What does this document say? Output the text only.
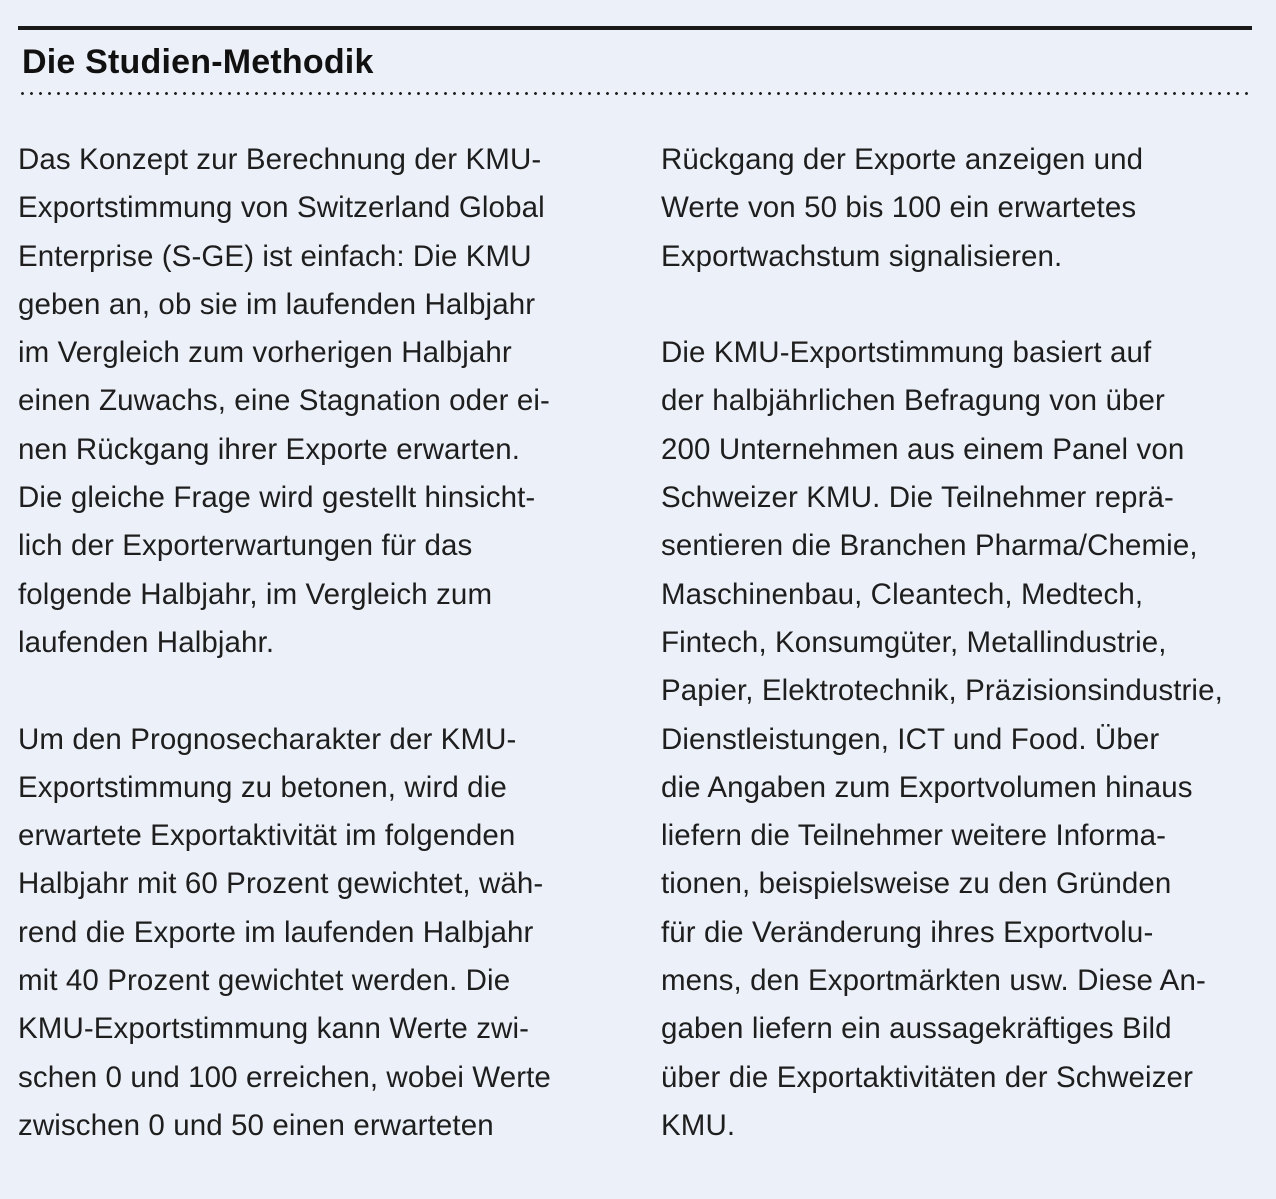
Die Studien-Methodik

Das Konzept zur Berechnung der KMU-
Exportstimmung von Switzerland Global
Enterprise (S-GE) ist einfach: Die KMU
geben an, ob sie im laufenden Halbjahr
im Vergleich zum vorherigen Halbjahr
einen Zuwachs, eine Stagnation oder ei-
nen Rückgang ihrer Exporte erwarten.
Die gleiche Frage wird gestellt hinsicht-
lich der Exporterwartungen für das
folgende Halbjahr, im Vergleich zum
laufenden Halbjahr.

Um den Prognosecharakter der KMU-
Exportstimmung zu betonen, wird die
erwartete Exportaktivität im folgenden
Halbjahr mit 60 Prozent gewichtet, wäh-
rend die Exporte im laufenden Halbjahr
mit 40 Prozent gewichtet werden. Die
KMU-Exportstimmung kann Werte zwi-
schen 0 und 100 erreichen, wobei Werte
zwischen 0 und 50 einen erwarteten

Rückgang der Exporte anzeigen und
Werte von 50 bis 100 ein erwartetes
Exportwachstum signalisieren.

Die KMU-Exportstimmung basiert auf
der halbjährlichen Befragung von über
200 Unternehmen aus einem Panel von
Schweizer KMU. Die Teilnehmer reprä-
sentieren die Branchen Pharma/Chemie,
Maschinenbau, Cleantech, Medtech,
Fintech, Konsumgüter, Metallindustrie,
Papier, Elektrotechnik, Präzisionsindustrie,
Dienstleistungen, ICT und Food. Über
die Angaben zum Exportvolumen hinaus
liefern die Teilnehmer weitere Informa-
tionen, beispielsweise zu den Gründen
für die Veränderung ihres Exportvolu-
mens, den Exportmärkten usw. Diese An-
gaben liefern ein aussagekräftiges Bild
über die Exportaktivitäten der Schweizer
KMU.
